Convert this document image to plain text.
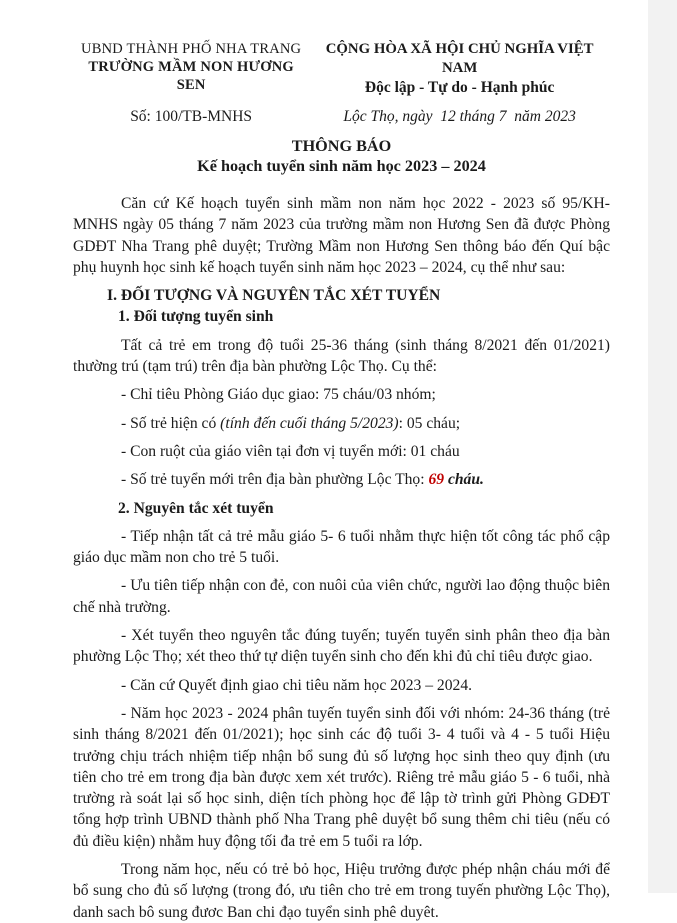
UBND THÀNH PHỐ NHA TRANG
TRƯỜNG MẦM NON HƯƠNG SEN
Số: 100/TB-MNHS
CỘNG HÒA XÃ HỘI CHỦ NGHĨA VIỆT NAM
Độc lập - Tự do - Hạnh phúc
Lộc Thọ, ngày  12 tháng 7  năm 2023
THÔNG BÁO
Kế hoạch tuyển sinh năm học 2023 – 2024

Căn cứ Kế hoạch tuyển sinh mầm non năm học 2022 - 2023 số 95/KH-MNHS ngày 05 tháng 7 năm 2023 của trường mầm non Hương Sen đã được Phòng GDĐT Nha Trang phê duyệt; Trường Mầm non Hương Sen thông báo đến Quí bậc phụ huynh học sinh kế hoạch tuyển sinh năm học 2023 – 2024, cụ thể như sau:

I. ĐỐI TƯỢNG VÀ NGUYÊN TẮC XÉT TUYỂN

1. Đối tượng tuyển sinh

Tất cả trẻ em trong độ tuổi 25-36 tháng (sinh tháng 8/2021 đến 01/2021) thường trú (tạm trú) trên địa bàn phường Lộc Thọ. Cụ thể:

- Chỉ tiêu Phòng Giáo dục giao: 75 cháu/03 nhóm;

- Số trẻ hiện có (tính đến cuối tháng 5/2023): 05 cháu;

- Con ruột của giáo viên tại đơn vị tuyển mới: 01 cháu

- Số trẻ tuyển mới trên địa bàn phường Lộc Thọ: 69 cháu.

2. Nguyên tắc xét tuyển

- Tiếp nhận tất cả trẻ mẫu giáo 5- 6 tuổi nhằm thực hiện tốt công tác phổ cập giáo dục mầm non cho trẻ 5 tuổi.

- Ưu tiên tiếp nhận con đẻ, con nuôi của viên chức, người lao động thuộc biên chế nhà trường.

- Xét tuyển theo nguyên tắc đúng tuyến; tuyến tuyển sinh phân theo địa bàn phường Lộc Thọ; xét theo thứ tự diện tuyển sinh cho đến khi đủ chỉ tiêu được giao.

- Căn cứ Quyết định giao chi tiêu năm học 2023 – 2024.

- Năm học 2023 - 2024 phân tuyến tuyển sinh đối với nhóm: 24-36 tháng (trẻ sinh tháng 8/2021 đến 01/2021); học sinh các độ tuổi 3- 4 tuổi và 4 - 5 tuổi Hiệu trưởng chịu trách nhiệm tiếp nhận bổ sung đủ số lượng học sinh theo quy định (ưu tiên cho trẻ em trong địa bàn được xem xét trước). Riêng trẻ mẫu giáo 5 - 6 tuổi, nhà trường rà soát lại số học sinh, diện tích phòng học để lập tờ trình gửi Phòng GDĐT tổng hợp trình UBND thành phố Nha Trang phê duyệt bổ sung thêm chi tiêu (nếu có đủ điều kiện) nhằm huy động tối đa trẻ em 5 tuổi ra lớp.

Trong năm học, nếu có trẻ bỏ học, Hiệu trưởng được phép nhận cháu mới để bổ sung cho đủ số lượng (trong đó, ưu tiên cho trẻ em trong tuyến phường Lộc Thọ), danh sach bô sung đươc Ban chi đạo tuyển sinh phê duyêt.
